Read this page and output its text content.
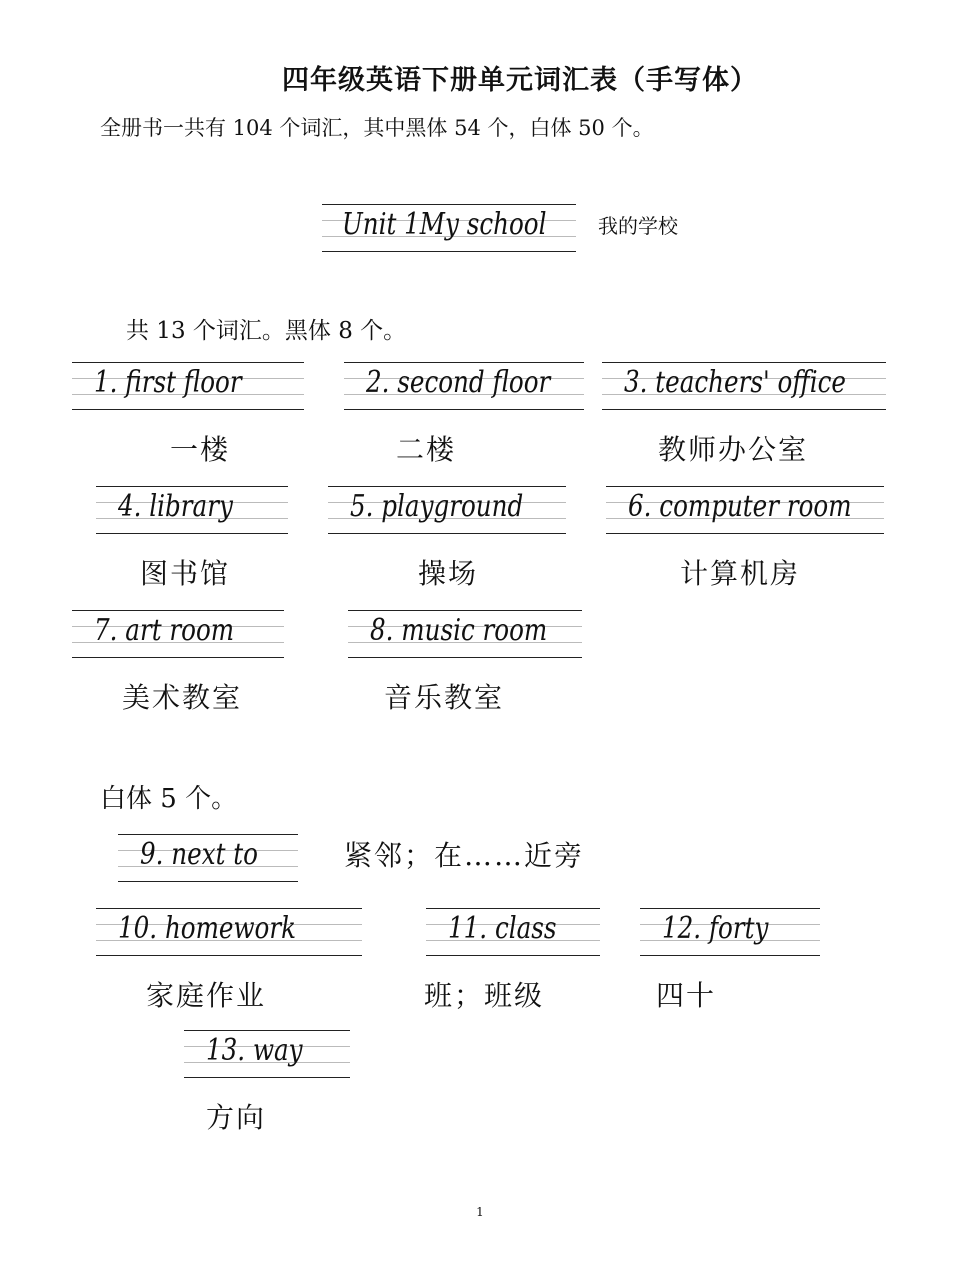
四年级英语下册单元词汇表（手写体）
全册书一共有 104 个词汇，其中黑体 54 个，白体 50 个。
Unit 1My school	我的学校
共 13 个词汇。黑体 8 个。
1. first floor
一楼
2. second floor
二楼
3. teachers' office
教师办公室
4. library
图书馆
5. playground
操场
6. computer room
计算机房
7. art room
美术教室
8. music room
音乐教室
白体 5 个。
9. next to	紧邻；在……近旁
10. homework
家庭作业
11. class
班；班级
12. forty
四十
13. way
方向
1
